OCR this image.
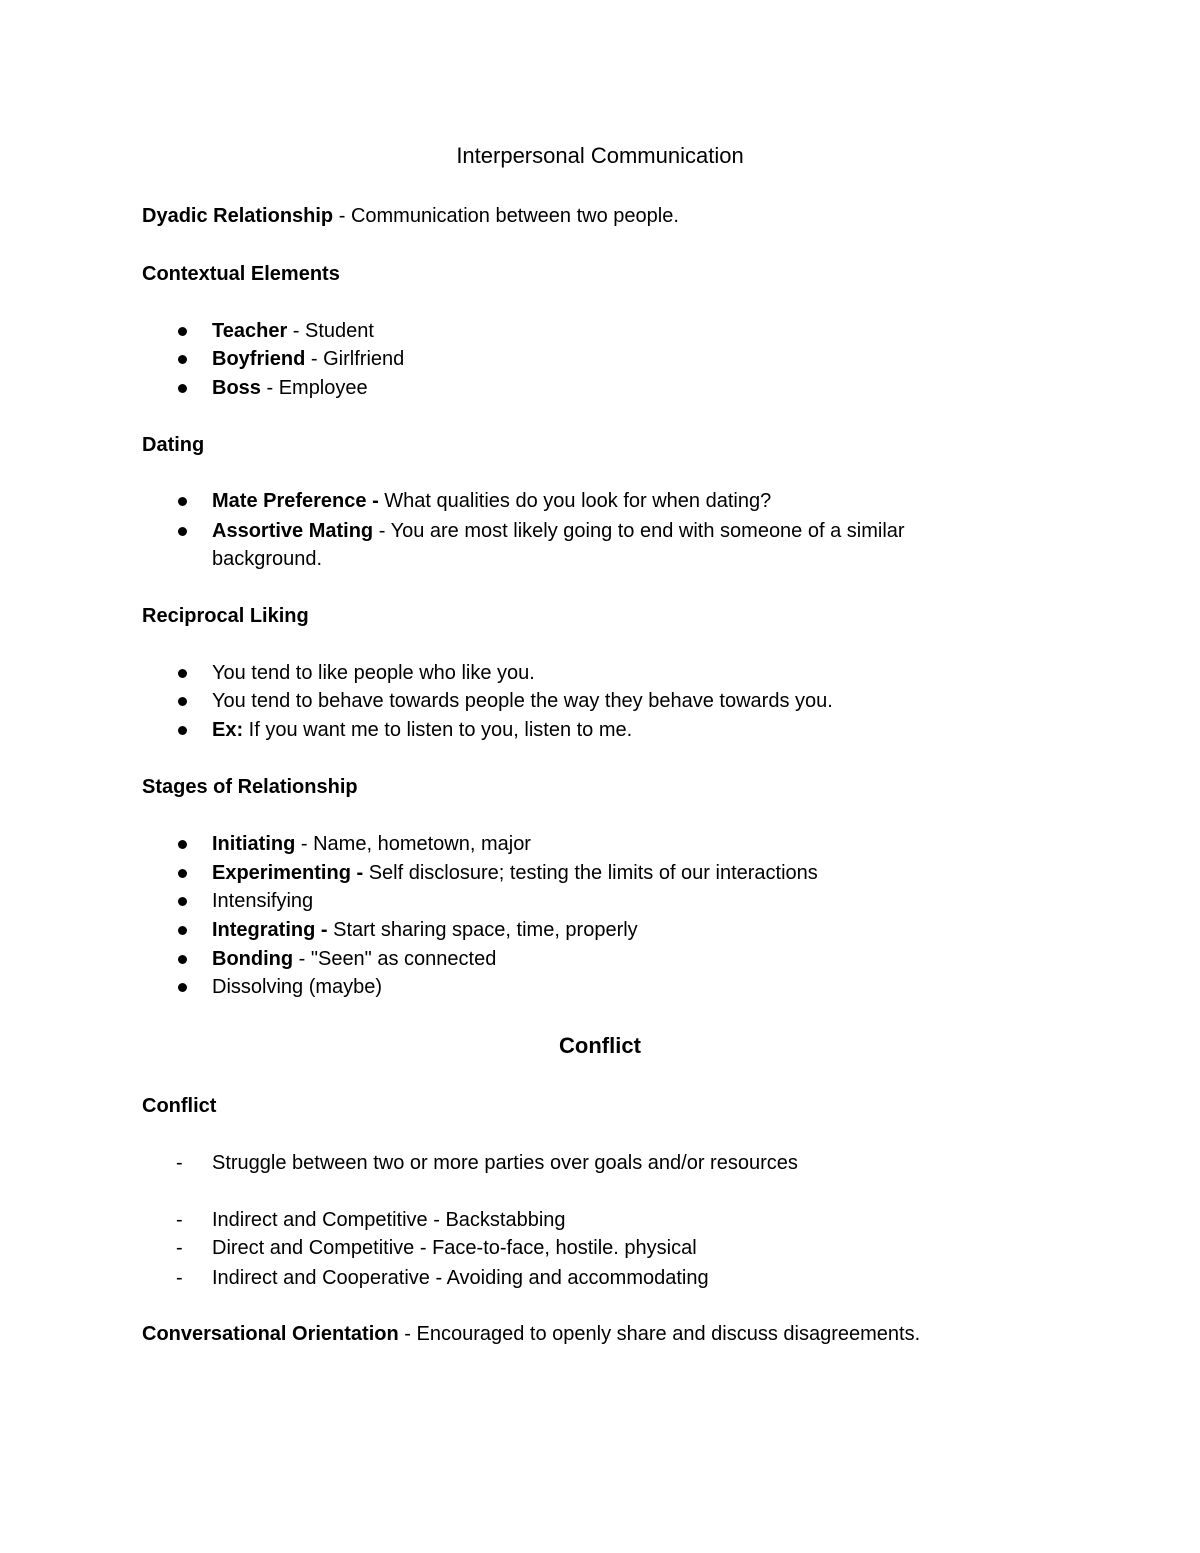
Interpersonal Communication

Dyadic Relationship - Communication between two people.

Contextual Elements

Teacher - Student

Boyfriend - Girlfriend

Boss - Employee

Dating

Mate Preference - What qualities do you look for when dating?

Assortive Mating - You are most likely going to end with someone of a similar

background.

Reciprocal Liking

You tend to like people who like you.

You tend to behave towards people the way they behave towards you.

Ex: If you want me to listen to you, listen to me.

Stages of Relationship

Initiating - Name, hometown, major

Experimenting - Self disclosure; testing the limits of our interactions

Intensifying

Integrating - Start sharing space, time, properly

Bonding - "Seen" as connected

Dissolving (maybe)

Conflict

Conflict

- Struggle between two or more parties over goals and/or resources

- Indirect and Competitive - Backstabbing

- Direct and Competitive - Face-to-face, hostile. physical

- Indirect and Cooperative - Avoiding and accommodating

Conversational Orientation - Encouraged to openly share and discuss disagreements.
